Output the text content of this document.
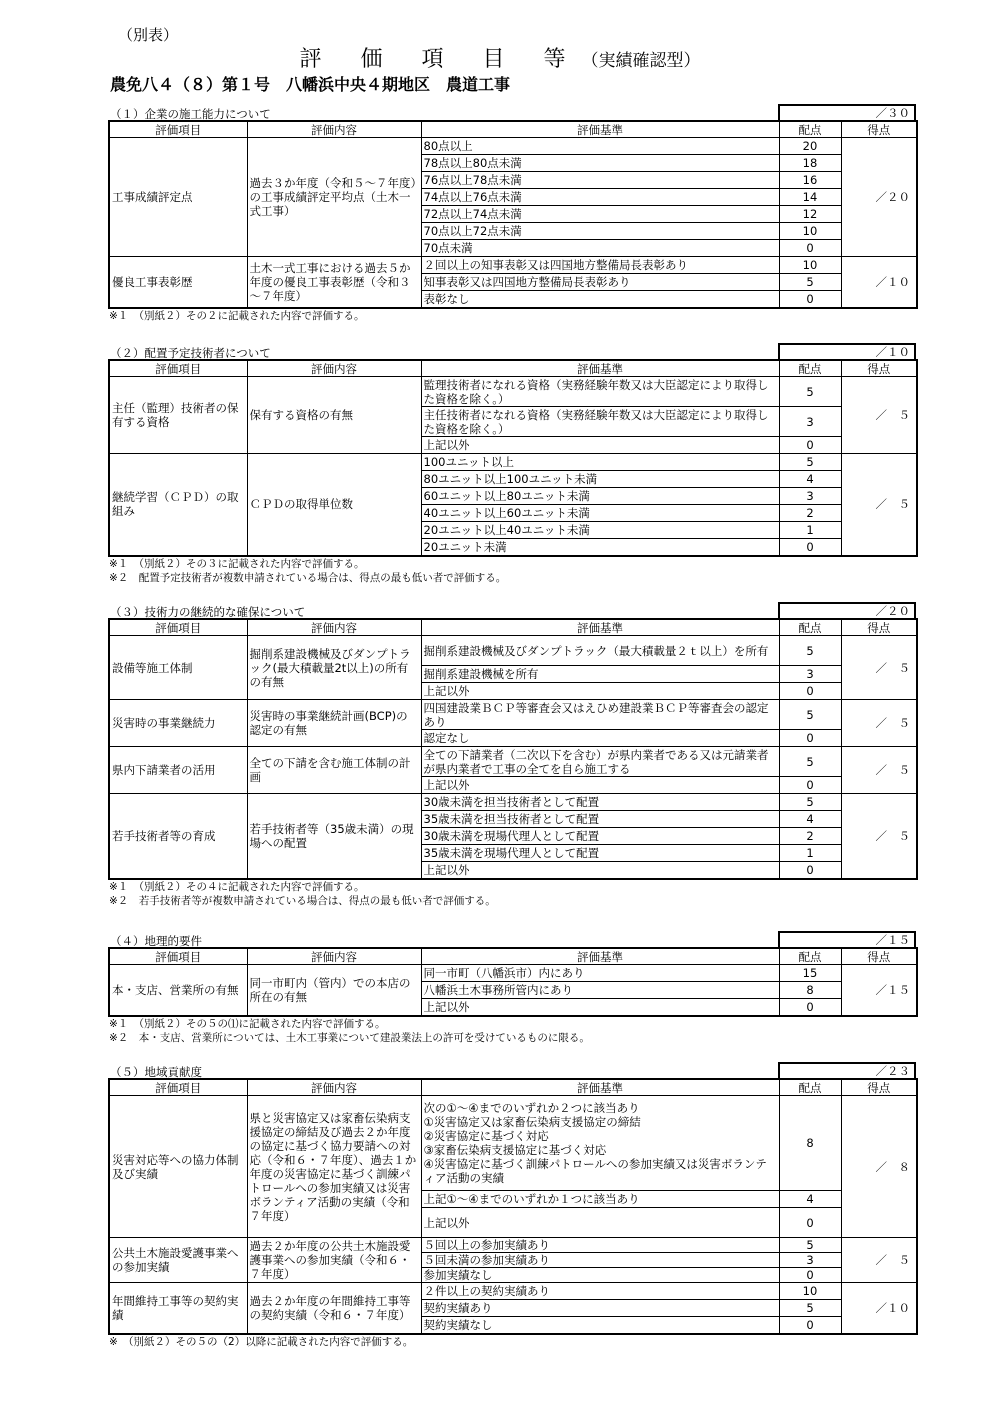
（別表）
評 価 項 目 等（実績確認型）
農免八４（８）第１号　八幡浜中央４期地区　農道工事
（１）企業の施工能力について	／３０
評価項目	評価内容	評価基準	配点	得点
工事成績評定点	過去３か年度（令和５～７年度）の工事成績評定平均点（土木一式工事）	80点以上	20	／２０
		78点以上80点未満	18	
		76点以上78点未満	16	
		74点以上76点未満	14	
		72点以上74点未満	12	
		70点以上72点未満	10	
		70点未満	0	
優良工事表彰歴	土木一式工事における過去５か年度の優良工事表彰歴（令和３～７年度）	２回以上の知事表彰又は四国地方整備局長表彰あり	10	／１０
		知事表彰又は四国地方整備局長表彰あり	5	
		表彰なし	0	
※１　（別紙２）その２に記載された内容で評価する。
（２）配置予定技術者について	／１０
評価項目	評価内容	評価基準	配点	得点
主任（監理）技術者の保有する資格	保有する資格の有無	監理技術者になれる資格（実務経験年数又は大臣認定により取得した資格を除く。）	5	／　５
		主任技術者になれる資格（実務経験年数又は大臣認定により取得した資格を除く。）	3	
		上記以外	0	
継続学習（ＣＰＤ）の取組み	ＣＰＤの取得単位数	100ユニット以上	5	／　５
		80ユニット以上100ユニット未満	4	
		60ユニット以上80ユニット未満	3	
		40ユニット以上60ユニット未満	2	
		20ユニット以上40ユニット未満	1	
		20ユニット未満	0	
※１　（別紙２）その３に記載された内容で評価する。
※２　配置予定技術者が複数申請されている場合は、得点の最も低い者で評価する。
（３）技術力の継続的な確保について	／２０
評価項目	評価内容	評価基準	配点	得点
設備等施工体制	掘削系建設機械及びダンプトラック(最大積載量2t以上)の所有の有無	掘削系建設機械及びダンプトラック（最大積載量２ｔ以上）を所有	5	／　５
		掘削系建設機械を所有	3	
		上記以外	0	
災害時の事業継続力	災害時の事業継続計画(BCP)の認定の有無	四国建設業ＢＣＰ等審査会又はえひめ建設業ＢＣＰ等審査会の認定あり	5	／　５
		認定なし	0	
県内下請業者の活用	全ての下請を含む施工体制の計画	全ての下請業者（二次以下を含む）が県内業者である又は元請業者が県内業者で工事の全てを自ら施工する	5	／　５
		上記以外	0	
若手技術者等の育成	若手技術者等（35歳未満）の現場への配置	30歳未満を担当技術者として配置	5	／　５
		35歳未満を担当技術者として配置	4	
		30歳未満を現場代理人として配置	2	
		35歳未満を現場代理人として配置	1	
		上記以外	0	
※１　（別紙２）その４に記載された内容で評価する。
※２　若手技術者等が複数申請されている場合は、得点の最も低い者で評価する。
（４）地理的要件	／１５
評価項目	評価内容	評価基準	配点	得点
本・支店、営業所の有無	同一市町内（管内）での本店の所在の有無	同一市町（八幡浜市）内にあり	15	／１５
		八幡浜土木事務所管内にあり	8	
		上記以外	0	
※１　（別紙２）その５の⑴に記載された内容で評価する。
※２　本・支店、営業所については、土木工事業について建設業法上の許可を受けているものに限る。
（５）地域貢献度	／２３
評価項目	評価内容	評価基準	配点	得点
災害対応等への協力体制及び実績	県と災害協定又は家畜伝染病支援協定の締結及び過去２か年度の協定に基づく協力要請への対応（令和６・７年度）、過去１か年度の災害協定に基づく訓練パトロールへの参加実績又は災害ボランティア活動の実績（令和７年度）	次の①～④までのいずれか２つに該当あり
①災害協定又は家畜伝染病支援協定の締結
②災害協定に基づく対応
③家畜伝染病支援協定に基づく対応
④災害協定に基づく訓練パトロールへの参加実績又は災害ボランティア活動の実績	8	／　８
		上記①～④までのいずれか１つに該当あり	4	
		上記以外	0	
公共土木施設愛護事業への参加実績	過去２か年度の公共土木施設愛護事業への参加実績（令和６・７年度）	５回以上の参加実績あり	5	／　５
		５回未満の参加実績あり	3	
		参加実績なし	0	
年間維持工事等の契約実績	過去２か年度の年間維持工事等の契約実績（令和６・７年度）	２件以上の契約実績あり	10	／１０
		契約実績あり	5	
		契約実績なし	0	
※　（別紙２）その５の（2）以降に記載された内容で評価する。
